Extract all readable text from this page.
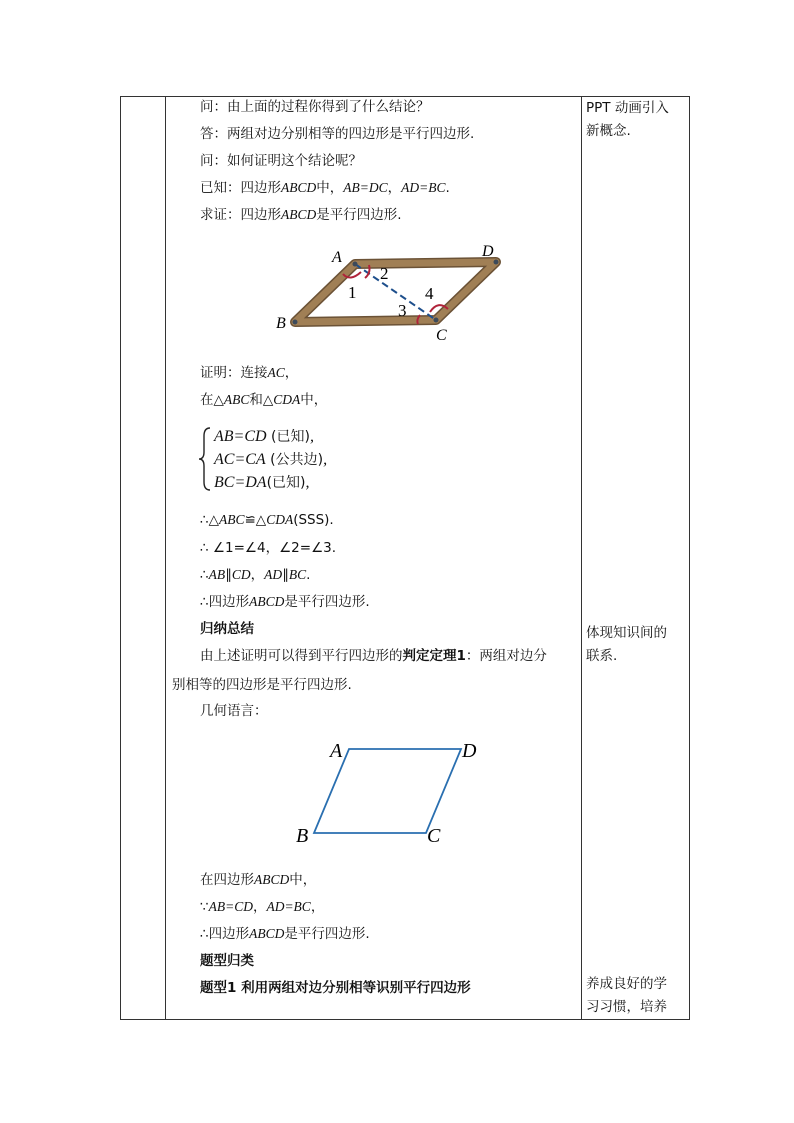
问：由上面的过程你得到了什么结论？
答：两组对边分别相等的四边形是平行四边形.
问：如何证明这个结论呢？
已知：四边形ABCD中，AB=DC，AD=BC.
求证：四边形ABCD是平行四边形.
A
B
C
D
1
2
3
4
证明：连接AC，
在△ABC和△CDA中，
AB=CD (已知),
AC=CA (公共边),
BC=DA(已知),
∴△ABC≌△CDA(SSS).
∴ ∠1=∠4，∠2=∠3.
∴AB∥CD，AD∥BC.
∴四边形ABCD是平行四边形.
归纳总结
由上述证明可以得到平行四边形的判定定理1：两组对边分
别相等的四边形是平行四边形.
几何语言：
A	D
B	C
在四边形ABCD中，
∵AB=CD，AD=BC，
∴四边形ABCD是平行四边形.
题型归类
题型1 利用两组对边分别相等识别平行四边形
PPT 动画引入
新概念.
体现知识间的
联系.
养成良好的学
习习惯，培养
